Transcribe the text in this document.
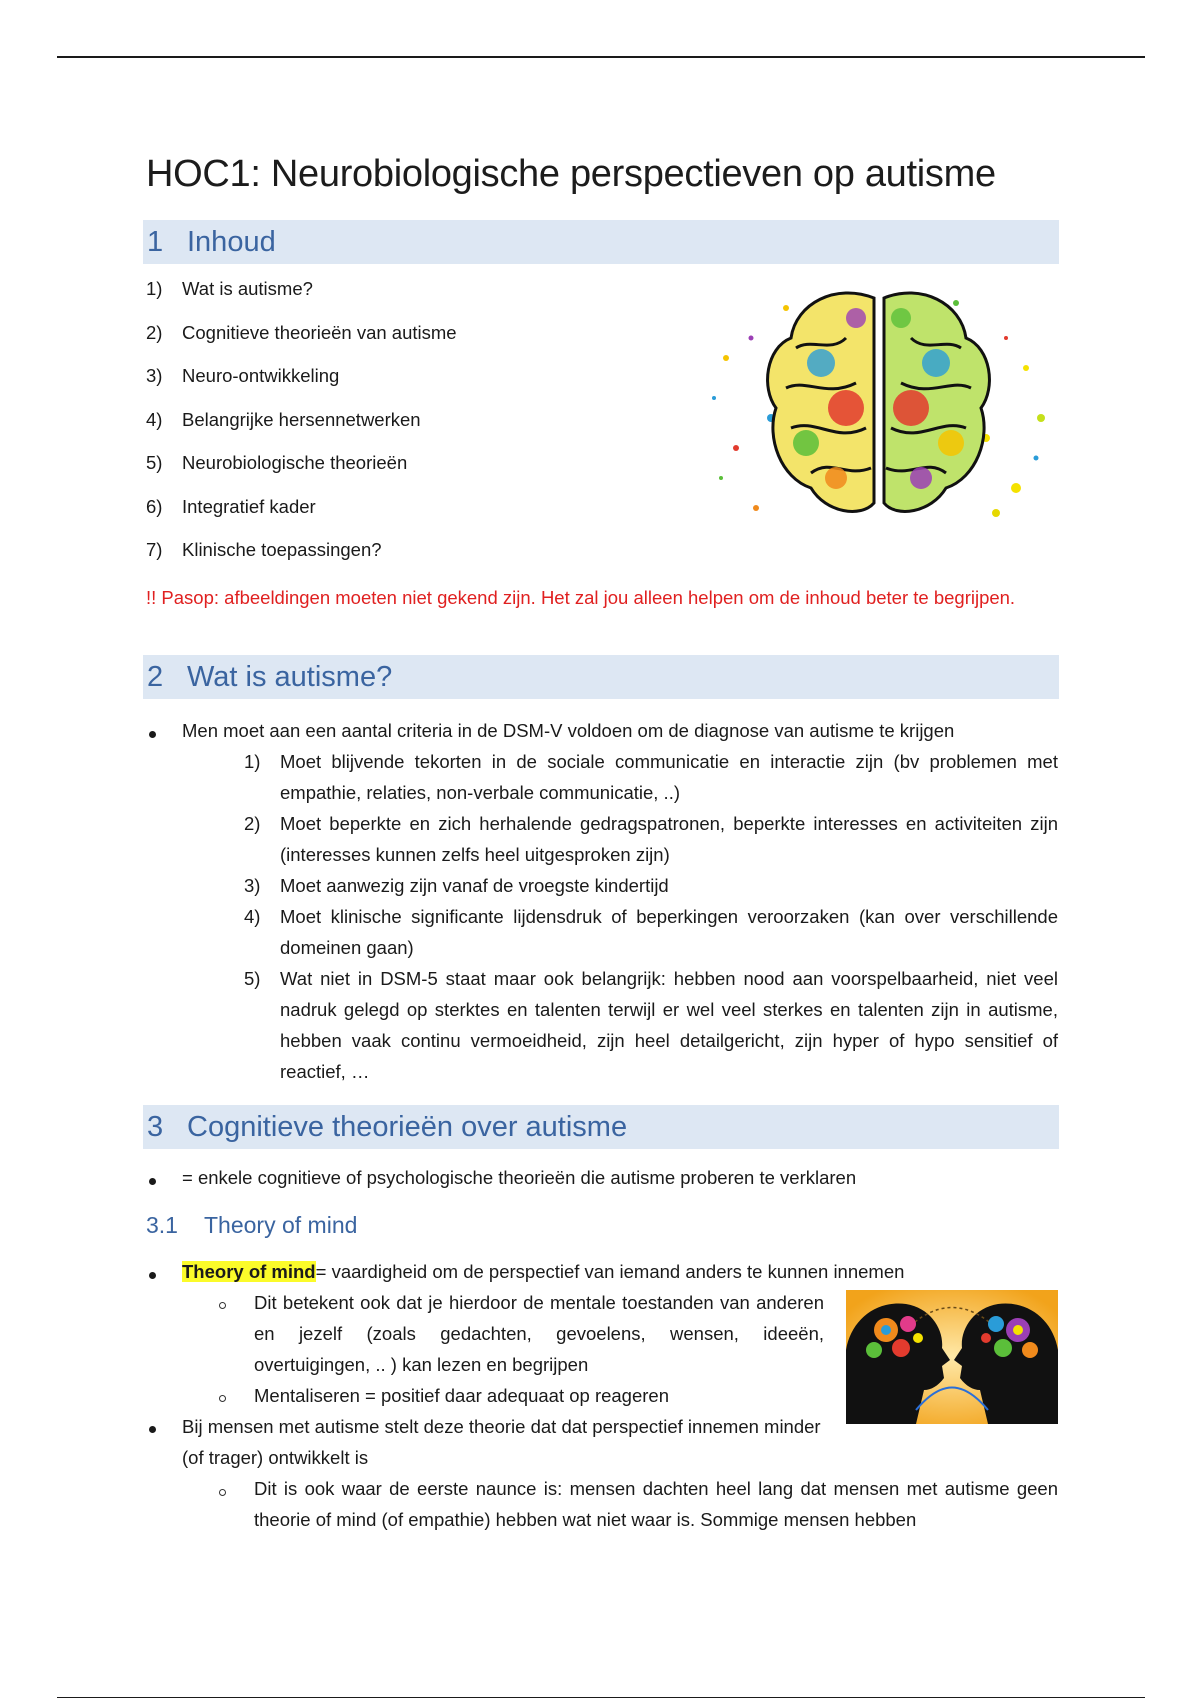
HOC1: Neurobiologische perspectieven op autisme
1 Inhoud
1) Wat is autisme?
2) Cognitieve theorieën van autisme
3) Neuro-ontwikkeling
4) Belangrijke hersennetwerken
5) Neurobiologische theorieën
6) Integratief kader
7) Klinische toepassingen?
!! Pasop: afbeeldingen moeten niet gekend zijn. Het zal jou alleen helpen om de inhoud beter te begrijpen.
2 Wat is autisme?
Men moet aan een aantal criteria in de DSM-V voldoen om de diagnose van autisme te krijgen
1) Moet blijvende tekorten in de sociale communicatie en interactie zijn (bv problemen met empathie, relaties, non-verbale communicatie, ..)
2) Moet beperkte en zich herhalende gedragspatronen, beperkte interesses en activiteiten zijn (interesses kunnen zelfs heel uitgesproken zijn)
3) Moet aanwezig zijn vanaf de vroegste kindertijd
4) Moet klinische significante lijdensdruk of beperkingen veroorzaken (kan over verschillende domeinen gaan)
5) Wat niet in DSM-5 staat maar ook belangrijk: hebben nood aan voorspelbaarheid, niet veel nadruk gelegd op sterktes en talenten terwijl er wel veel sterkes en talenten zijn in autisme, hebben vaak continu vermoeidheid, zijn heel detailgericht, zijn hyper of hypo sensitief of reactief, …
3 Cognitieve theorieën over autisme
= enkele cognitieve of psychologische theorieën die autisme proberen te verklaren
3.1 Theory of mind
Theory of mind= vaardigheid om de perspectief van iemand anders te kunnen innemen
Dit betekent ook dat je hierdoor de mentale toestanden van anderen en jezelf (zoals gedachten, gevoelens, wensen, ideeën, overtuigingen, .. ) kan lezen en begrijpen
Mentaliseren = positief daar adequaat op reageren
Bij mensen met autisme stelt deze theorie dat dat perspectief innemen minder (of trager) ontwikkelt is
Dit is ook waar de eerste naunce is: mensen dachten heel lang dat mensen met autisme geen theorie of mind (of empathie) hebben wat niet waar is. Sommige mensen hebben
